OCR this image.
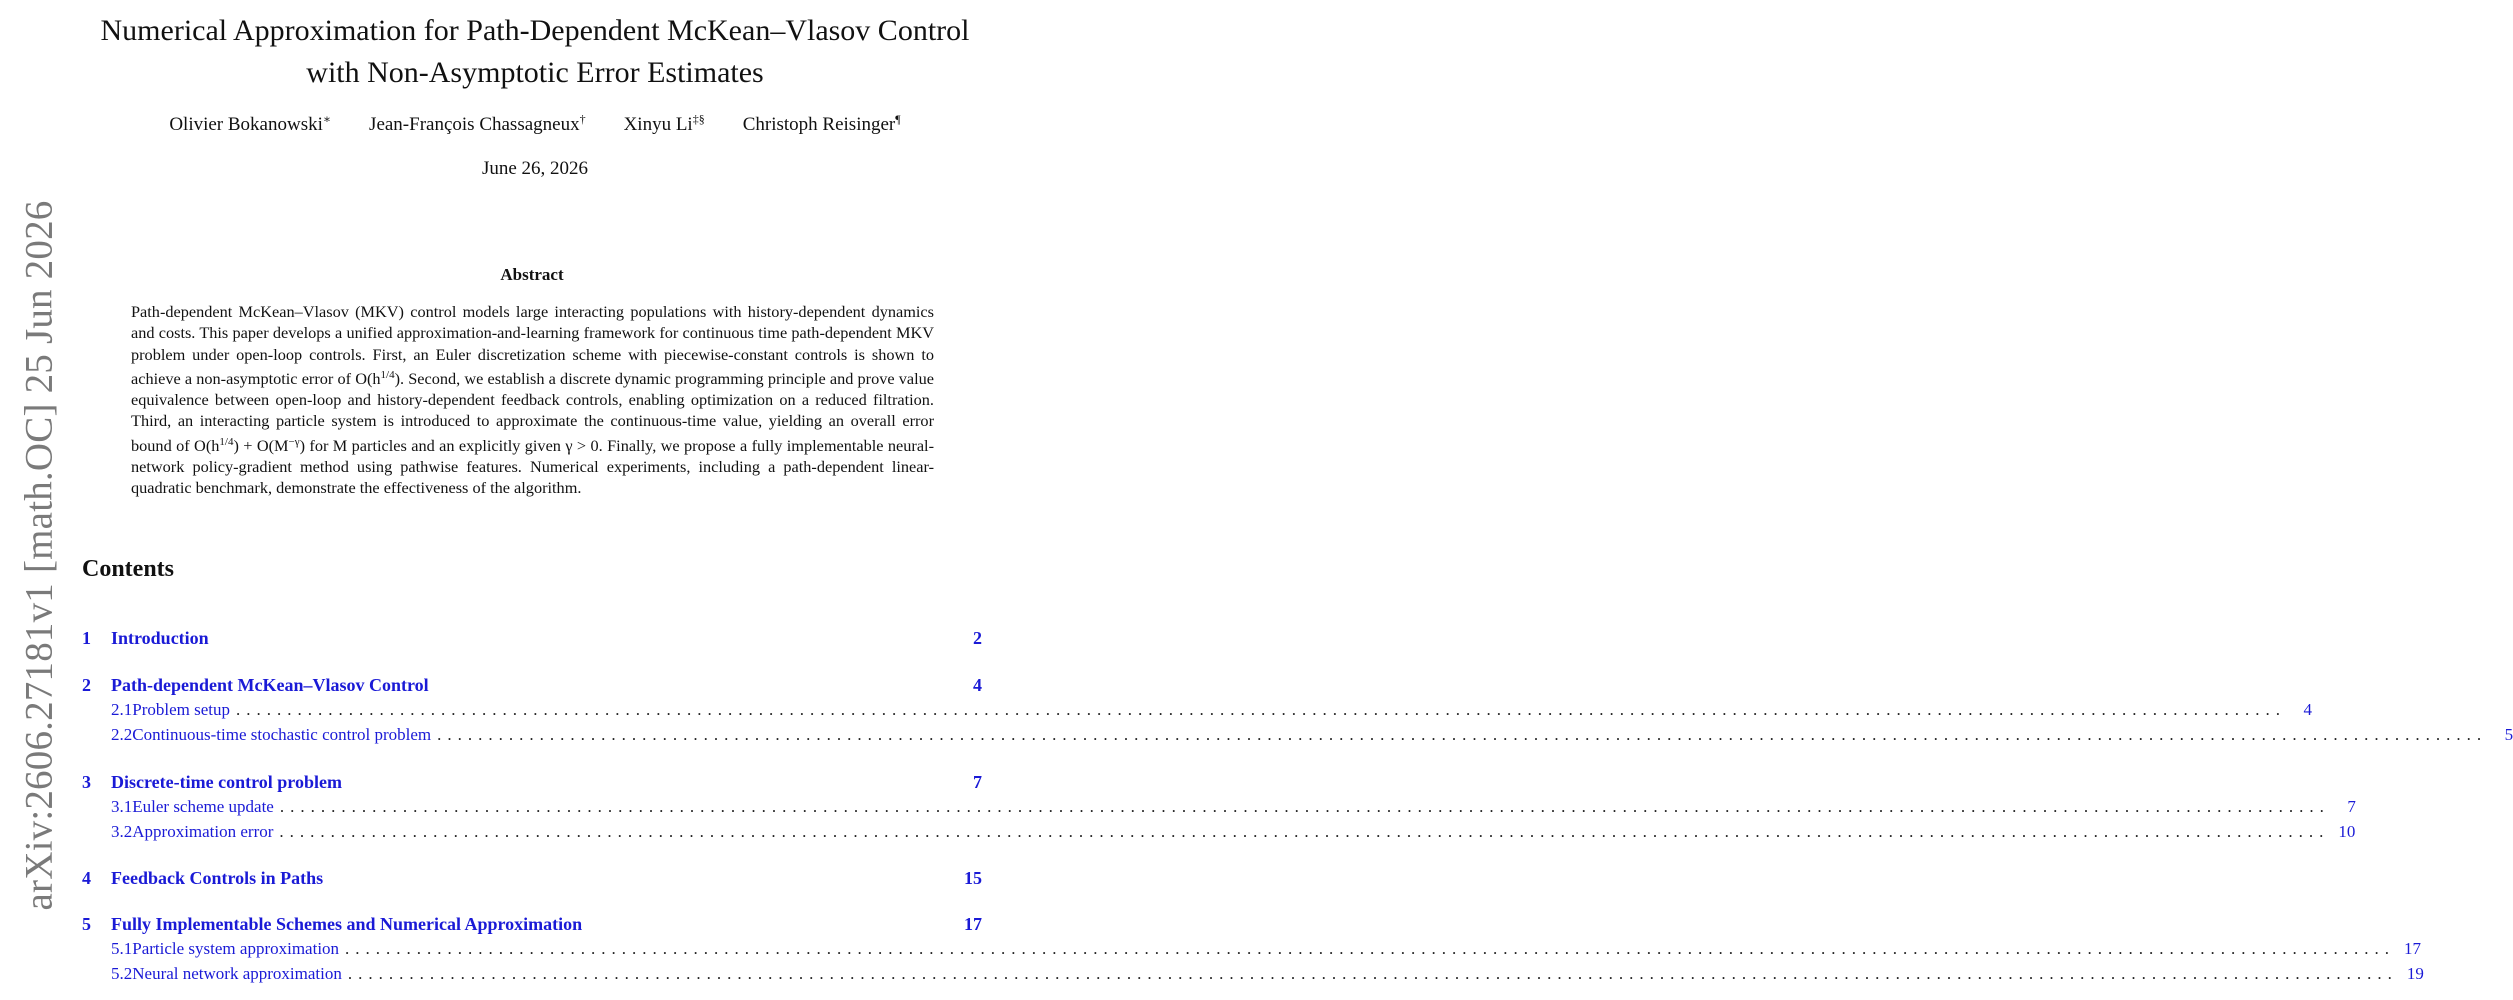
arXiv:2606.27181v1 [math.OC] 25 Jun 2026
Numerical Approximation for Path-Dependent McKean–Vlasov Control
with Non-Asymptotic Error Estimates
Olivier Bokanowski∗ Jean-François Chassagneux† Xinyu Li‡§ Christoph Reisinger¶
June 26, 2026
Abstract

Path-dependent McKean–Vlasov (MKV) control models large interacting populations with history-dependent dynamics and costs. This paper develops a unified approximation-and-learning framework for continuous time path-dependent MKV problem under open-loop controls. First, an Euler discretization scheme with piecewise-constant controls is shown to achieve a non-asymptotic error of $O(h^{1/4})$. Second, we establish a discrete dynamic programming principle and prove value equivalence between open-loop and history-dependent feedback controls, enabling optimization on a reduced filtration. Third, an interacting particle system is introduced to approximate the continuous-time value, yielding an overall error bound of $O(h^{1/4}) + O(M^{-\gamma})$ for M particles and an explicitly given γ > 0. Finally, we propose a fully implementable neural-network policy-gradient method using pathwise features. Numerical experiments, including a path-dependent linear-quadratic benchmark, demonstrate the effectiveness of the algorithm.

Contents
1	Introduction	2
2	Path-dependent McKean–Vlasov Control	4
2.1 Problem setup ........................................................................................................................................................................................................	4
2.2 Continuous-time stochastic control problem ........................................................................................................................................................................................................	5
3	Discrete-time control problem	7
3.1 Euler scheme update ........................................................................................................................................................................................................	7
3.2 Approximation error ........................................................................................................................................................................................................ 10
4	Feedback Controls in Paths	15
5	Fully Implementable Schemes and Numerical Approximation	17
5.1 Particle system approximation ........................................................................................................................................................................................................ 17
5.2 Neural network approximation ........................................................................................................................................................................................................ 19
